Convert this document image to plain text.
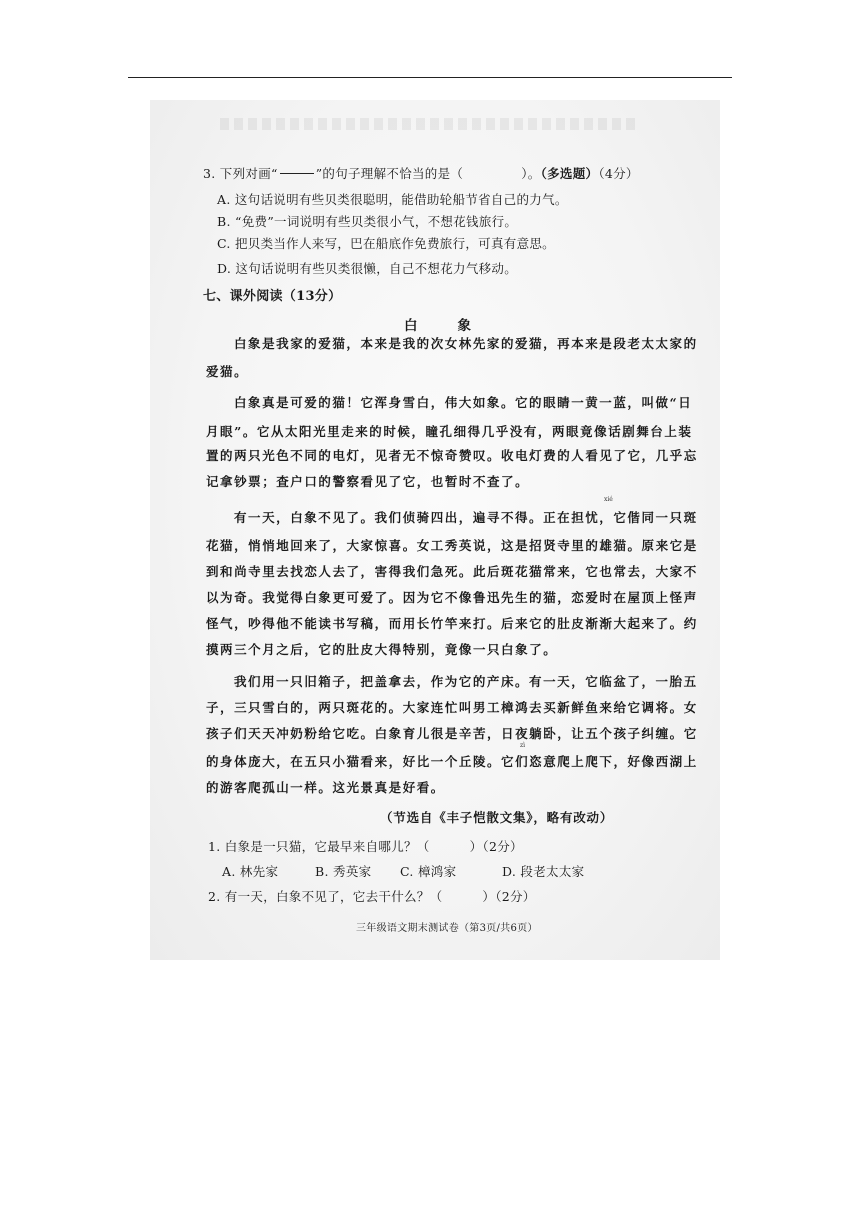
3. 下列对画“	”的句子理解不恰当的是（	）。（多选题）（4分）
A. 这句话说明有些贝类很聪明，能借助轮船节省自己的力气。
B. “免费”一词说明有些贝类很小气，不想花钱旅行。
C. 把贝类当作人来写，巴在船底作免费旅行，可真有意思。
D. 这句话说明有些贝类很懒，自己不想花力气移动。
七、课外阅读（13分）
白	象
白象是我家的爱猫，本来是我的次女林先家的爱猫，再本来是段老太太家的
爱猫。
白象真是可爱的猫！它浑身雪白，伟大如象。它的眼睛一黄一蓝，叫做“日
月眼”。它从太阳光里走来的时候，瞳孔细得几乎没有，两眼竟像话剧舞台上装
置的两只光色不同的电灯，见者无不惊奇赞叹。收电灯费的人看见了它，几乎忘
记拿钞票；查户口的警察看见了它，也暂时不查了。
xié
有一天，白象不见了。我们侦骑四出，遍寻不得。正在担忧，它偕同一只斑
花猫，悄悄地回来了，大家惊喜。女工秀英说，这是招贤寺里的雄猫。原来它是
到和尚寺里去找恋人去了，害得我们急死。此后斑花猫常来，它也常去，大家不
以为奇。我觉得白象更可爱了。因为它不像鲁迅先生的猫，恋爱时在屋顶上怪声
怪气，吵得他不能读书写稿，而用长竹竿来打。后来它的肚皮渐渐大起来了。约
摸两三个月之后，它的肚皮大得特别，竟像一只白象了。
我们用一只旧箱子，把盖拿去，作为它的产床。有一天，它临盆了，一胎五
子，三只雪白的，两只斑花的。大家连忙叫男工樟鸿去买新鲜鱼来给它调将。女
孩子们天天冲奶粉给它吃。白象育儿很是辛苦，日夜躺卧，让五个孩子纠缠。它
zì
的身体庞大，在五只小猫看来，好比一个丘陵。它们恣意爬上爬下，好像西湖上
的游客爬孤山一样。这光景真是好看。
（节选自《丰子恺散文集》，略有改动）
1. 白象是一只猫，它最早来自哪儿？（	）（2分）
A. 林先家	B. 秀英家 C. 樟鸿家	D. 段老太太家
2. 有一天，白象不见了，它去干什么？（	）（2分）
三年级语文期末测试卷（第3页/共6页）
